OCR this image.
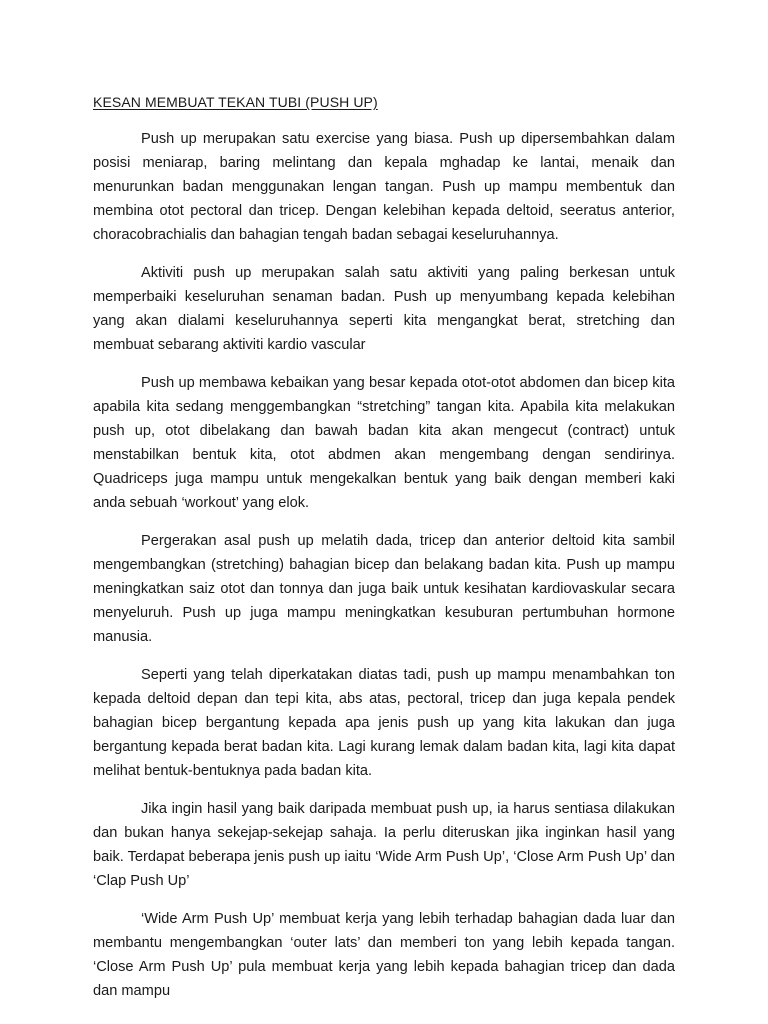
KESAN MEMBUAT TEKAN TUBI (PUSH UP)

Push up merupakan satu exercise yang biasa. Push up dipersembahkan dalam posisi meniarap, baring melintang dan kepala mghadap ke lantai, menaik dan menurunkan badan menggunakan lengan tangan. Push up mampu membentuk dan membina otot pectoral dan tricep. Dengan kelebihan kepada deltoid, seeratus anterior, choracobrachialis dan bahagian tengah badan sebagai keseluruhannya.

Aktiviti push up merupakan salah satu aktiviti yang paling berkesan untuk memperbaiki keseluruhan senaman badan. Push up menyumbang kepada kelebihan yang akan dialami keseluruhannya seperti kita mengangkat berat, stretching dan membuat sebarang aktiviti kardio vascular

Push up membawa kebaikan yang besar kepada otot-otot abdomen dan bicep kita apabila kita sedang menggembangkan “stretching” tangan kita. Apabila kita melakukan push up, otot dibelakang dan bawah badan kita akan mengecut (contract) untuk menstabilkan bentuk kita, otot abdmen akan mengembang dengan sendirinya. Quadriceps juga mampu untuk mengekalkan bentuk yang baik dengan memberi kaki anda sebuah ‘workout’ yang elok.

Pergerakan asal push up melatih dada, tricep dan anterior deltoid kita sambil mengembangkan (stretching) bahagian bicep dan belakang badan kita. Push up mampu meningkatkan saiz otot dan tonnya dan juga baik untuk kesihatan kardiovaskular secara menyeluruh. Push up juga mampu meningkatkan kesuburan pertumbuhan hormone manusia.

Seperti yang telah diperkatakan diatas tadi, push up mampu menambahkan ton kepada deltoid depan dan tepi kita, abs atas, pectoral, tricep dan juga kepala pendek bahagian bicep bergantung kepada apa jenis push up yang kita lakukan dan juga bergantung kepada berat badan kita. Lagi kurang lemak dalam badan kita, lagi kita dapat melihat bentuk-bentuknya pada badan kita.

Jika ingin hasil yang baik daripada membuat push up, ia harus sentiasa dilakukan dan bukan hanya sekejap-sekejap sahaja. Ia perlu diteruskan jika inginkan hasil yang baik. Terdapat beberapa jenis push up iaitu ‘Wide Arm Push Up’, ‘Close Arm Push Up’ dan ‘Clap Push Up’

‘Wide Arm Push Up’ membuat kerja yang lebih terhadap bahagian dada luar dan membantu mengembangkan ‘outer lats’ dan memberi ton yang lebih kepada tangan. ‘Close Arm Push Up’ pula membuat kerja yang lebih kepada bahagian tricep dan dada dan mampu
